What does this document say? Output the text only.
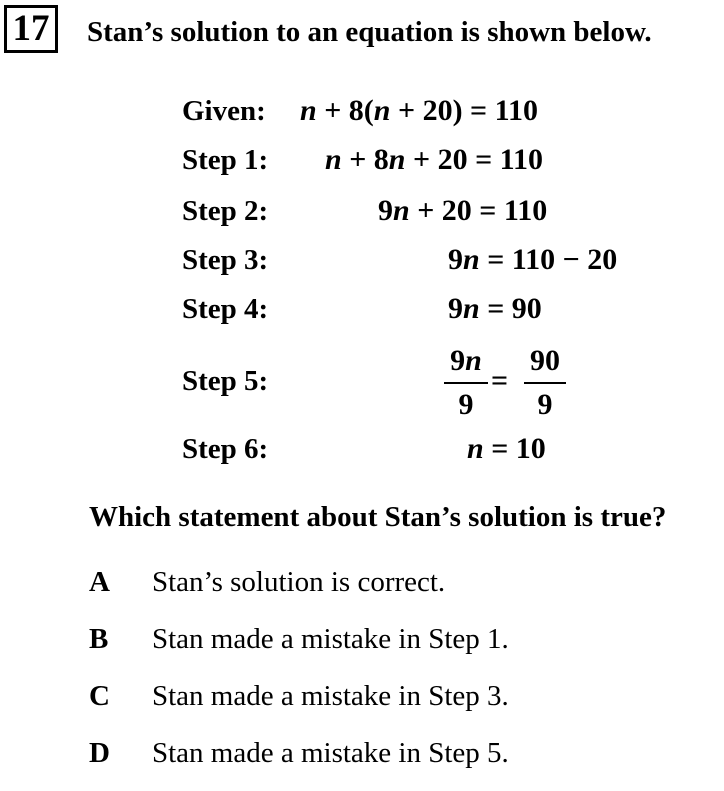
17 Stan’s solution to an equation is shown below.
Given:
Step 1:
Step 2:
Step 3:
Step 4:
Step 5:
Step 6:
n + 8(n + 20) = 110
n + 8n + 20 = 110
9n + 20 = 110
9n = 110 − 20
9n = 90
9n
9
=
90
9
n = 10
Which statement about Stan’s solution is true?
A Stan’s solution is correct.
B Stan made a mistake in Step 1.
C Stan made a mistake in Step 3.
D Stan made a mistake in Step 5.
